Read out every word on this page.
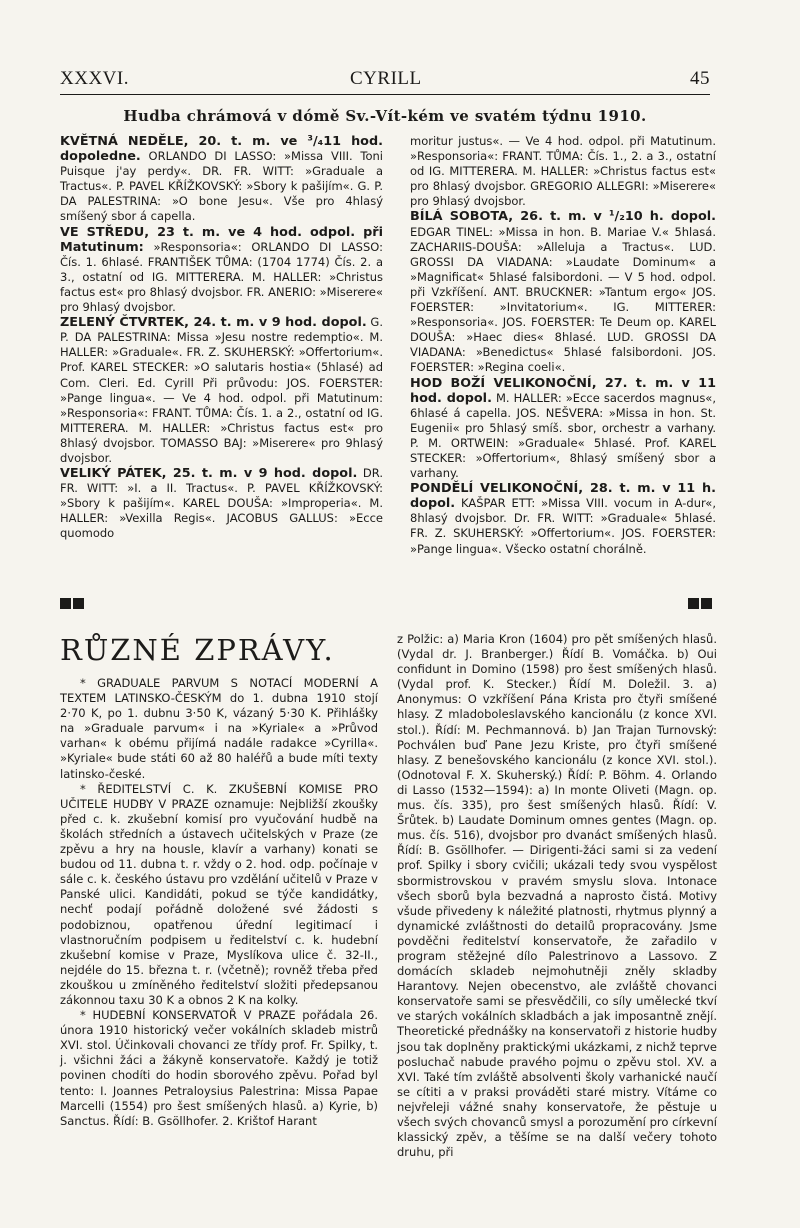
XXXVI.	CYRILL	45
Hudba chrámová v dómě Sv.-Vít-kém ve svatém týdnu 1910.

KVĚTNÁ NEDĚLE, 20. t. m. ve ³/₄11 hod. dopoledne. ORLANDO DI LASSO: »Missa VIII. Toni Puisque j'ay perdy«. DR. FR. WITT: »Graduale a Tractus«. P. PAVEL KŘÍŽKOVSKÝ: »Sbory k pašijím«. G. P. DA PALESTRINA: »O bone Jesu«. Vše pro 4hlasý smíšený sbor á capella.

VE STŘEDU, 23 t. m. ve 4 hod. odpol. při Matutinum: »Responsoria«: ORLANDO DI LASSO: Čís. 1. 6hlasé. FRANTIŠEK TŮMA: (1704 1774) Čís. 2. a 3., ostatní od IG. MITTERERA. M. HALLER: »Christus factus est« pro 8hlasý dvojsbor. FR. ANERIO: »Miserere« pro 9hlasý dvojsbor.

ZELENÝ ČTVRTEK, 24. t. m. v 9 hod. dopol. G. P. DA PALESTRINA: Missa »Jesu nostre redemptio«. M. HALLER: »Graduale«. FR. Z. SKUHERSKÝ: »Offertorium«. Prof. KAREL STECKER: »O salutaris hostia« (5hlasé) ad Com. Cleri. Ed. Cyrill Při průvodu: JOS. FOERSTER: »Pange lingua«. — Ve 4 hod. odpol. při Matutinum: »Responsoria«: FRANT. TŮMA: Čís. 1. a 2., ostatní od IG. MITTERERA. M. HALLER: »Christus factus est« pro 8hlasý dvojsbor. TOMASSO BAJ: »Miserere« pro 9hlasý dvojsbor.

VELIKÝ PÁTEK, 25. t. m. v 9 hod. dopol. DR. FR. WITT: »I. a II. Tractus«. P. PAVEL KŘÍŽKOVSKÝ: »Sbory k pašijím«. KAREL DOUŠA: »Improperia«. M. HALLER: »Vexilla Regis«. JACOBUS GALLUS: »Ecce quomodo

moritur justus«. — Ve 4 hod. odpol. při Matutinum. »Responsoria«: FRANT. TŮMA: Čís. 1., 2. a 3., ostatní od IG. MITTERERA. M. HALLER: »Christus factus est« pro 8hlasý dvojsbor. GREGORIO ALLEGRI: »Miserere« pro 9hlasý dvojsbor.

BÍLÁ SOBOTA, 26. t. m. v ¹/₂10 h. dopol. EDGAR TINEL: »Missa in hon. B. Mariae V.« 5hlasá. ZACHARIIS-DOUŠA: »Alleluja a Tractus«. LUD. GROSSI DA VIADANA: »Laudate Dominum« a »Magnificat« 5hlasé falsibordoni. — V 5 hod. odpol. při Vzkříšení. ANT. BRUCKNER: »Tantum ergo« JOS. FOERSTER: »Invitatorium«. IG. MITTERER: »Responsoria«. JOS. FOERSTER: Te Deum op. KAREL DOUŠA: »Haec dies« 8hlasé. LUD. GROSSI DA VIADANA: »Benedictus« 5hlasé falsibordoni. JOS. FOERSTER: »Regina coeli«.

HOD BOŽÍ VELIKONOČNÍ, 27. t. m. v 11 hod. dopol. M. HALLER: »Ecce sacerdos magnus«, 6hlasé á capella. JOS. NEŠVERA: »Missa in hon. St. Eugenii« pro 5hlasý smíš. sbor, orchestr a varhany. P. M. ORTWEIN: »Graduale« 5hlasé. Prof. KAREL STECKER: »Offertorium«, 8hlasý smíšený sbor a varhany.

PONDĚLÍ VELIKONOČNÍ, 28. t. m. v 11 h. dopol. KAŠPAR ETT: »Missa VIII. vocum in A-dur«, 8hlasý dvojsbor. Dr. FR. WITT: »Graduale« 5hlasé. FR. Z. SKUHERSKÝ: »Offertorium«. JOS. FOERSTER: »Pange lingua«. Všecko ostatní chorálně.

RŮZNÉ ZPRÁVY.

* GRADUALE PARVUM S NOTACÍ MODERNÍ A TEXTEM LATINSKO-ČESKÝM do 1. dubna 1910 stojí 2·70 K, po 1. dubnu 3·50 K, vázaný 5·30 K. Přihlášky na »Graduale parvum« i na »Kyriale« a »Průvod varhan« k obému přijímá nadále radakce »Cyrilla«. »Kyriale« bude státi 60 až 80 haléřů a bude míti texty latinsko-české.

* ŘEDITELSTVÍ C. K. ZKUŠEBNÍ KOMISE PRO UČITELE HUDBY V PRAZE oznamuje: Nejbližší zkoušky před c. k. zkušební komisí pro vyučování hudbě na školách středních a ústavech učitelských v Praze (ze zpěvu a hry na housle, klavír a varhany) konati se budou od 11. dubna t. r. vždy o 2. hod. odp. počínaje v sále c. k. českého ústavu pro vzdělání učitelů v Praze v Panské ulici. Kandidáti, pokud se týče kandidátky, nechť podají pořádně doložené své žádosti s podobiznou, opatřenou úřední legitimací i vlastnoručním podpisem u ředitelství c. k. hudební zkušební komise v Praze, Myslíkova ulice č. 32-II., nejdéle do 15. března t. r. (včetně); rovněž třeba před zkouškou u zmíněného ředitelství složiti předepsanou zákonnou taxu 30 K a obnos 2 K na kolky.

* HUDEBNÍ KONSERVATOŘ V PRAZE pořádala 26. února 1910 historický večer vokálních skladeb mistrů XVI. stol. Účinkovali chovanci ze třídy prof. Fr. Spilky, t. j. všichni žáci a žákyně konservatoře. Každý je totiž povinen chodíti do hodin sborového zpěvu. Pořad byl tento: I. Joannes Petraloysius Palestrina: Missa Papae Marcelli (1554) pro šest smíšených hlasů. a) Kyrie, b) Sanctus. Řídí: B. Gsöllhofer. 2. Krištof Harant

z Polžic: a) Maria Kron (1604) pro pět smíšených hlasů. (Vydal dr. J. Branberger.) Řídí B. Vomáčka. b) Oui confidunt in Domino (1598) pro šest smíšených hlasů. (Vydal prof. K. Stecker.) Řídí M. Doležil. 3. a) Anonymus: O vzkříšení Pána Krista pro čtyři smíšené hlasy. Z mladoboleslavského kancionálu (z konce XVI. stol.). Řídí: M. Pechmannová. b) Jan Trajan Turnovský: Pochválen buď Pane Jezu Kriste, pro čtyři smíšené hlasy. Z benešovského kancionálu (z konce XVI. stol.). (Odnotoval F. X. Skuherský.) Řídí: P. Böhm. 4. Orlando di Lasso (1532—1594): a) In monte Oliveti (Magn. op. mus. čís. 335), pro šest smíšených hlasů. Řídí: V. Šrůtek. b) Laudate Dominum omnes gentes (Magn. op. mus. čís. 516), dvojsbor pro dvanáct smíšených hlasů. Řídí: B. Gsöllhofer. — Dirigenti-žáci sami si za vedení prof. Spilky i sbory cvičili; ukázali tedy svou vyspělost sbormistrovskou v pravém smyslu slova. Intonace všech sborů byla bezvadná a naprosto čistá. Motivy všude přivedeny k náležité platnosti, rhytmus plynný a dynamické zvláštnosti do detailů propracovány. Jsme povděčni ředitelství konservatoře, že zařadilo v program stěžejné dílo Palestrinovo a Lassovo. Z domácích skladeb nejmohutněji zněly skladby Harantovy. Nejen obecenstvo, ale zvláště chovanci konservatoře sami se přesvědčili, co síly umělecké tkví ve starých vokálních skladbách a jak imposantně znějí. Theoretické přednášky na konservatoři z historie hudby jsou tak doplněny praktickými ukázkami, z nichž teprve posluchač nabude pravého pojmu o zpěvu stol. XV. a XVI. Také tím zvláště absolventi školy varhanické naučí se cítiti a v praksi prováděti staré mistry. Vítáme co nejvřeleji vážné snahy konservatoře, že pěstuje u všech svých chovanců smysl a porozumění pro církevní klassický zpěv, a těšíme se na další večery tohoto druhu, při
